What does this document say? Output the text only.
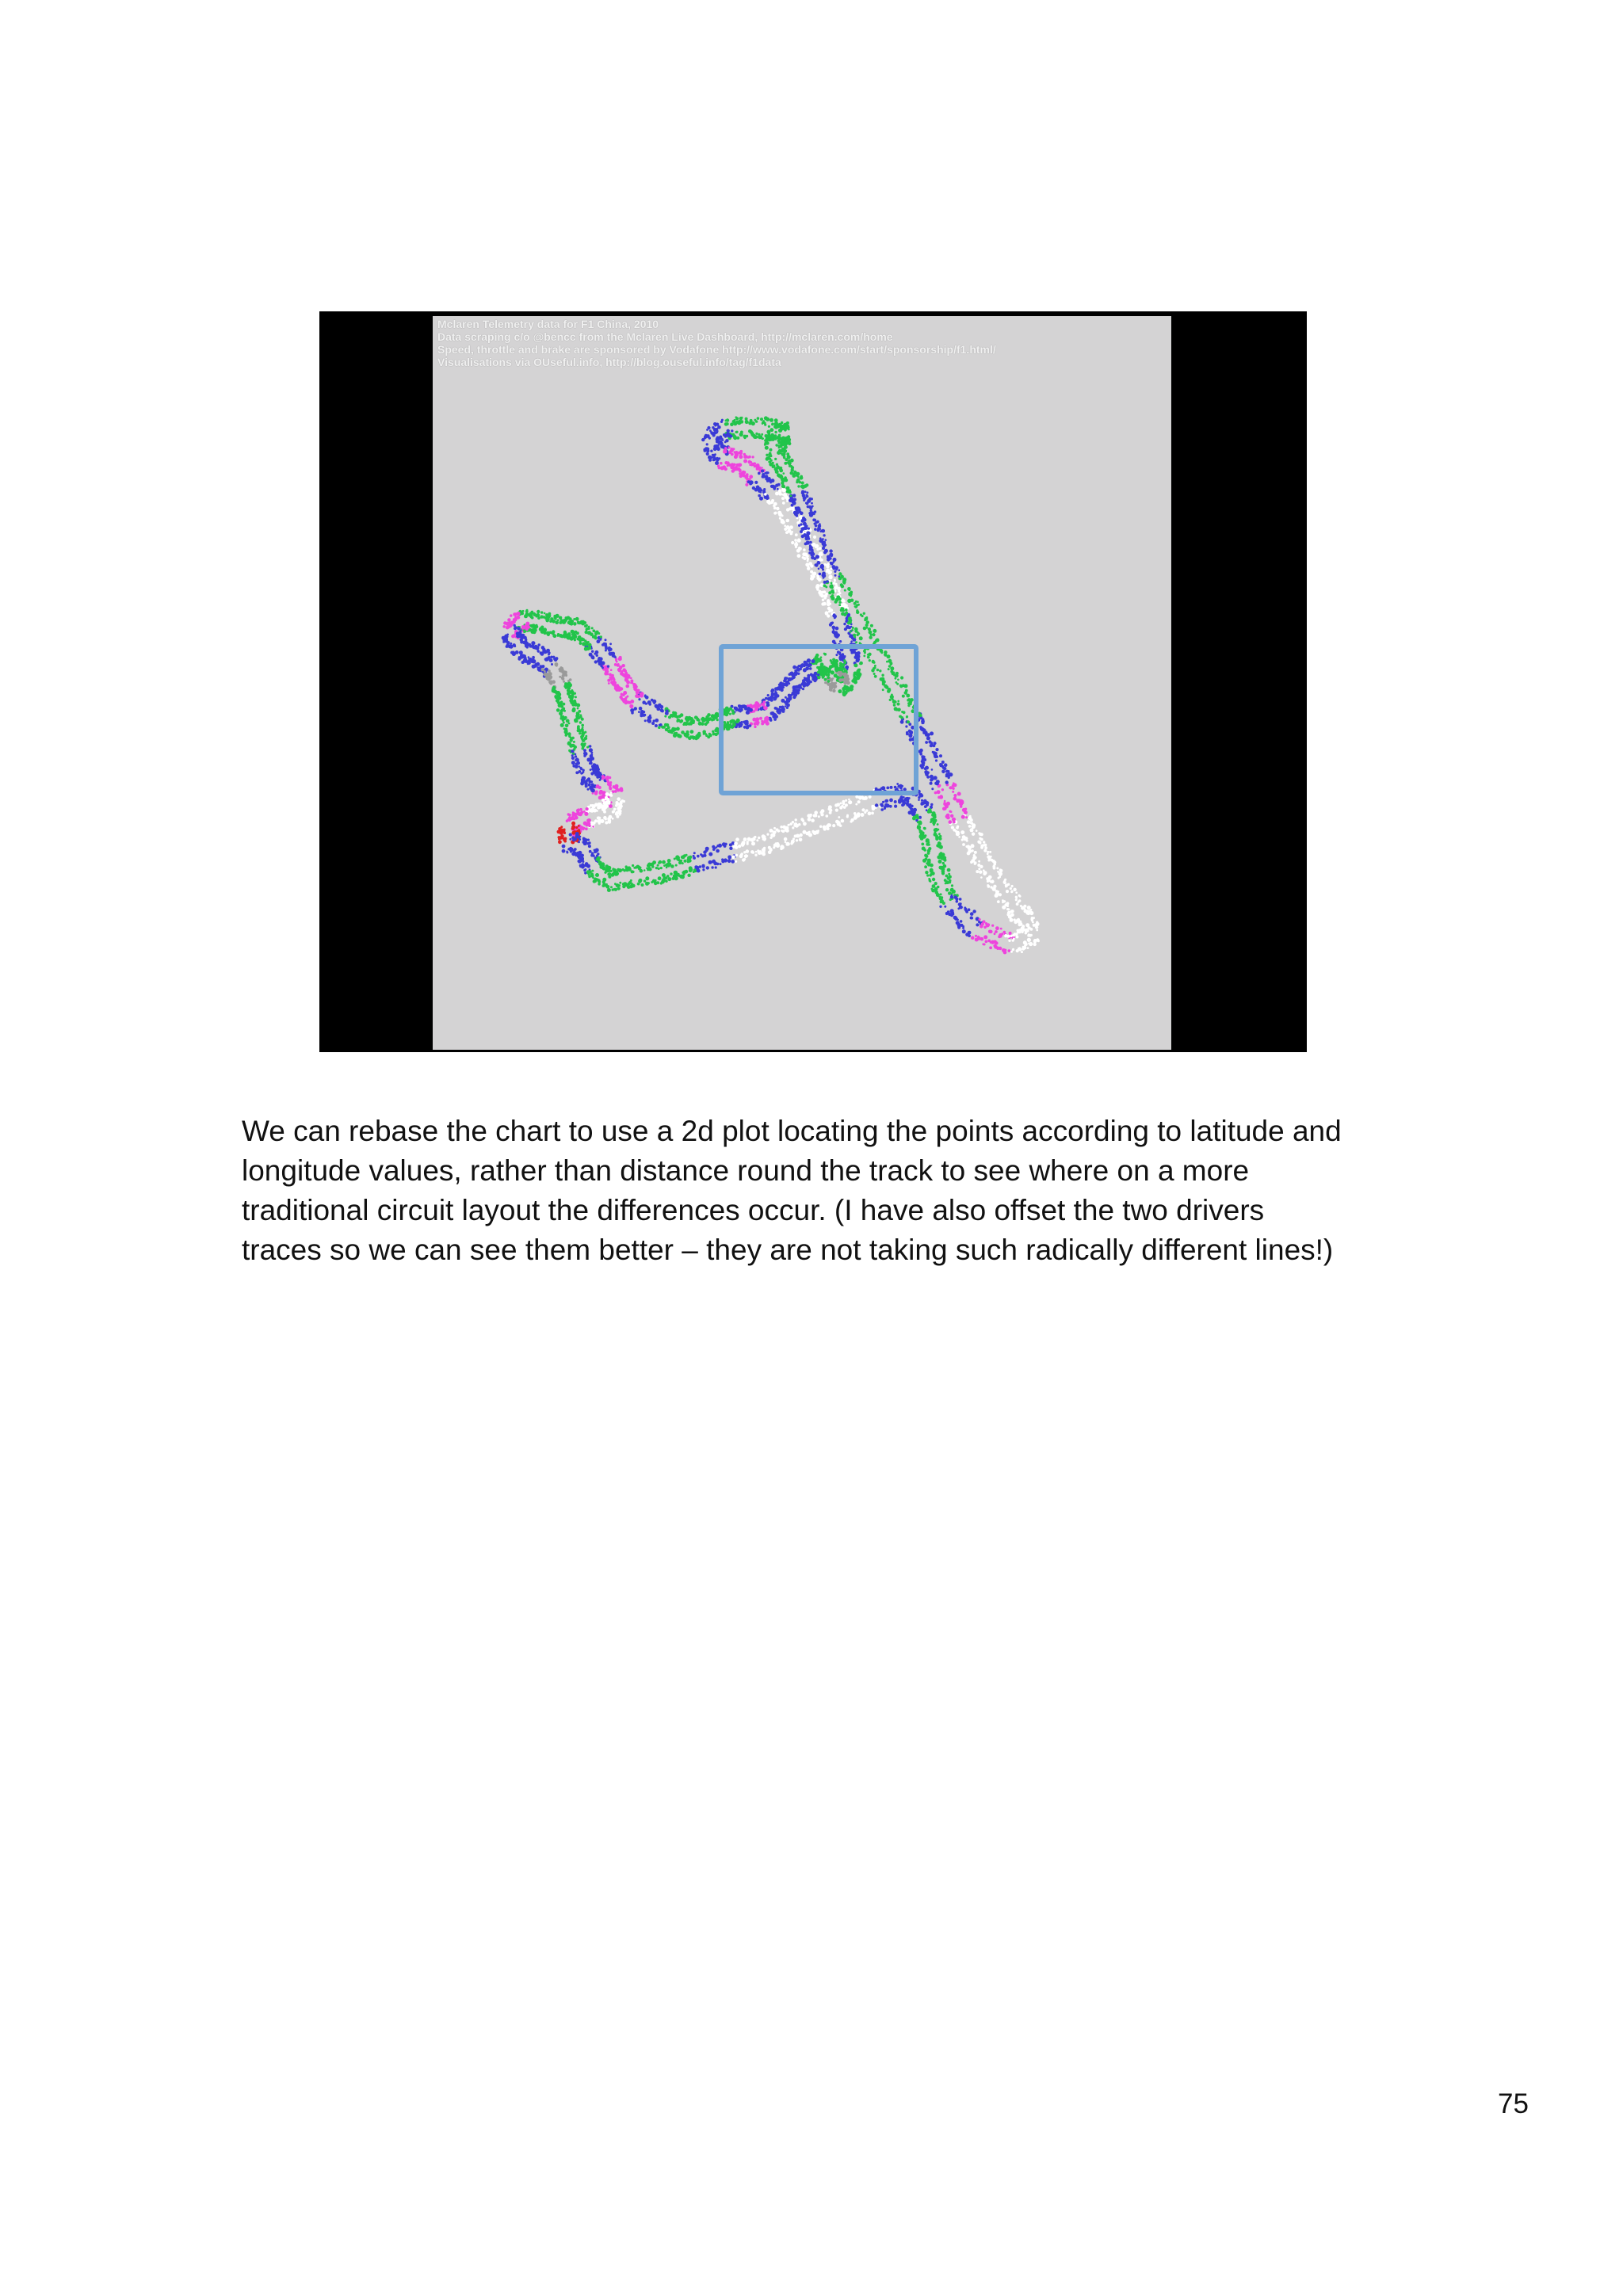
Mclaren Telemetry data for F1 China, 2010
Data scraping c/o @bencc from the Mclaren Live Dashboard, http://mclaren.com/home
Speed, throttle and brake are sponsored by Vodafone http://www.vodafone.com/start/sponsorship/f1.html/
Visualisations via OUseful.info, http://blog.ouseful.info/tag/f1data

We can rebase the chart to use a 2d plot locating the points according to latitude and
longitude values, rather than distance round the track to see where on a more
traditional circuit layout the differences occur. (I have also offset the two drivers
traces so we can see them better – they are not taking such radically different lines!)

75
